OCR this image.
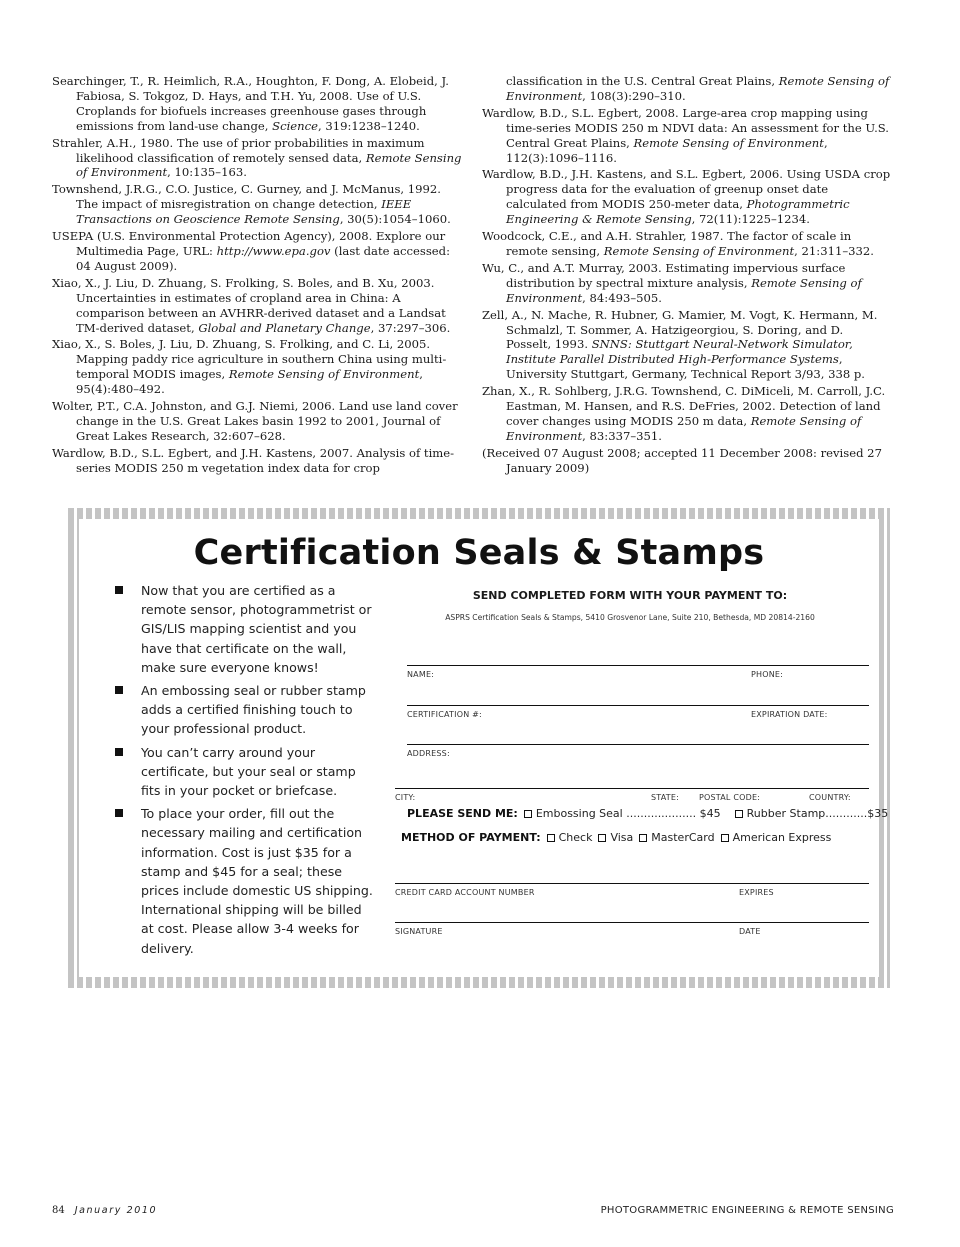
Searchinger, T., R. Heimlich, R.A., Houghton, F. Dong, A. Elobeid, J. Fabiosa, S. Tokgoz, D. Hays, and T.H. Yu, 2008. Use of U.S. Croplands for biofuels increases greenhouse gases through emissions from land-use change, Science, 319:1238–1240.
Strahler, A.H., 1980. The use of prior probabilities in maximum likelihood classification of remotely sensed data, Remote Sensing of Environment, 10:135–163.
Townshend, J.R.G., C.O. Justice, C. Gurney, and J. McManus, 1992. The impact of misregistration on change detection, IEEE Transactions on Geoscience Remote Sensing, 30(5):1054–1060.
USEPA (U.S. Environmental Protection Agency), 2008. Explore our Multimedia Page, URL: http://www.epa.gov (last date accessed: 04 August 2009).
Xiao, X., J. Liu, D. Zhuang, S. Frolking, S. Boles, and B. Xu, 2003. Uncertainties in estimates of cropland area in China: A comparison between an AVHRR-derived dataset and a Landsat TM-derived dataset, Global and Planetary Change, 37:297–306.
Xiao, X., S. Boles, J. Liu, D. Zhuang, S. Frolking, and C. Li, 2005. Mapping paddy rice agriculture in southern China using multi-temporal MODIS images, Remote Sensing of Environment, 95(4):480–492.
Wolter, P.T., C.A. Johnston, and G.J. Niemi, 2006. Land use land cover change in the U.S. Great Lakes basin 1992 to 2001, Journal of Great Lakes Research, 32:607–628.
Wardlow, B.D., S.L. Egbert, and J.H. Kastens, 2007. Analysis of time-series MODIS 250 m vegetation index data for crop
classification in the U.S. Central Great Plains, Remote Sensing of Environment, 108(3):290–310.
Wardlow, B.D., S.L. Egbert, 2008. Large-area crop mapping using time-series MODIS 250 m NDVI data: An assessment for the U.S. Central Great Plains, Remote Sensing of Environment, 112(3):1096–1116.
Wardlow, B.D., J.H. Kastens, and S.L. Egbert, 2006. Using USDA crop progress data for the evaluation of greenup onset date calculated from MODIS 250-meter data, Photogrammetric Engineering & Remote Sensing, 72(11):1225–1234.
Woodcock, C.E., and A.H. Strahler, 1987. The factor of scale in remote sensing, Remote Sensing of Environment, 21:311–332.
Wu, C., and A.T. Murray, 2003. Estimating impervious surface distribution by spectral mixture analysis, Remote Sensing of Environment, 84:493–505.
Zell, A., N. Mache, R. Hubner, G. Mamier, M. Vogt, K. Hermann, M. Schmalzl, T. Sommer, A. Hatzigeorgiou, S. Doring, and D. Posselt, 1993. SNNS: Stuttgart Neural-Network Simulator, Institute Parallel Distributed High-Performance Systems, University Stuttgart, Germany, Technical Report 3/93, 338 p.
Zhan, X., R. Sohlberg, J.R.G. Townshend, C. DiMiceli, M. Carroll, J.C. Eastman, M. Hansen, and R.S. DeFries, 2002. Detection of land cover changes using MODIS 250 m data, Remote Sensing of Environment, 83:337–351.
(Received 07 August 2008; accepted 11 December 2008: revised 27 January 2009)
Certification Seals & Stamps
Now that you are certified as a remote sensor, photogrammetrist or GIS/LIS mapping scientist and you have that certificate on the wall, make sure everyone knows!
An embossing seal or rubber stamp adds a certified finishing touch to your professional product.
You can’t carry around your certificate, but your seal or stamp fits in your pocket or briefcase.
To place your order, fill out the necessary mailing and certification information. Cost is just $35 for a stamp and $45 for a seal; these prices include domestic US shipping. International shipping will be billed at cost. Please allow 3-4 weeks for delivery.
SEND COMPLETED FORM WITH YOUR PAYMENT TO:
ASPRS Certification Seals & Stamps, 5410 Grosvenor Lane, Suite 210, Bethesda, MD 20814-2160
NAME:	PHONE:
CERTIFICATION #:	EXPIRATION DATE:
ADDRESS:
CITY:	STATE: POSTAL CODE:	COUNTRY:
PLEASE SEND ME: Embossing Seal .................... $45 Rubber Stamp............$35
METHOD OF PAYMENT: Check Visa MasterCard American Express
CREDIT CARD ACCOUNT NUMBER	EXPIRES
SIGNATURE	DATE
84 January 2010	PHOTOGRAMMETRIC ENGINEERING & REMOTE SENSING
